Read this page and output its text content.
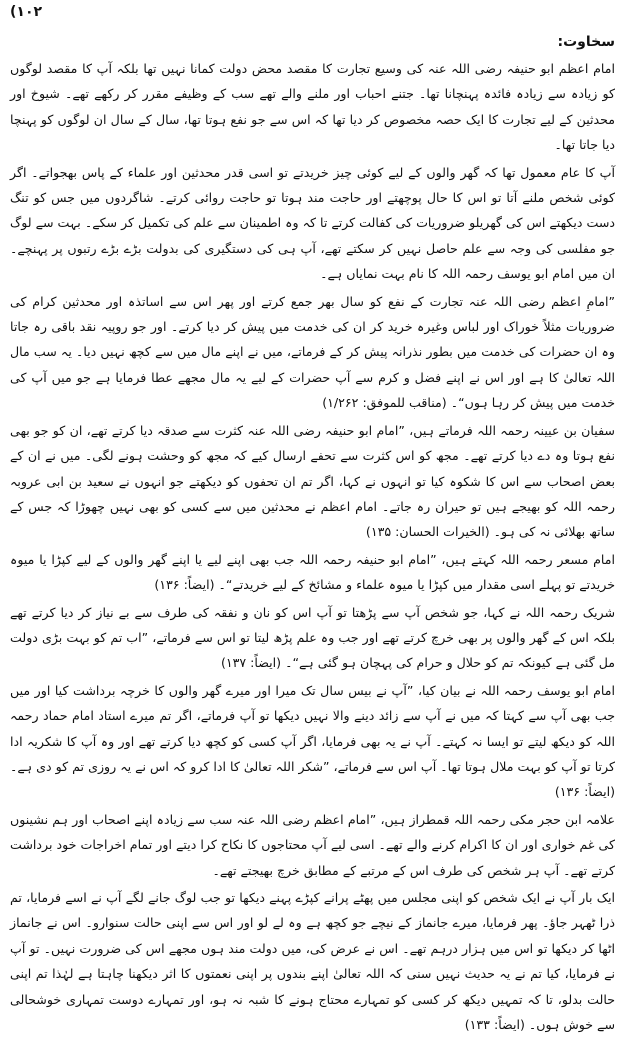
(۱۰۲

سخاوت:

امام اعظم ابو حنیفہ رضی اللہ عنہ کی وسیع تجارت کا مقصد محض دولت کمانا نہیں تھا بلکہ آپ کا مقصد لوگوں کو زیادہ سے زیادہ فائدہ پہنچانا تھا۔ جتنے احباب اور ملنے والے تھے سب کے وظیفے مقرر کر رکھے تھے۔ شیوخ اور محدثین کے لیے تجارت کا ایک حصہ مخصوص کر دیا تھا کہ اس سے جو نفع ہوتا تھا، سال کے سال ان لوگوں کو پہنچا دیا جاتا تھا۔

آپ کا عام معمول تھا کہ گھر والوں کے لیے کوئی چیز خریدتے تو اسی قدر محدثین اور علماء کے پاس بھجواتے۔ اگر کوئی شخص ملنے آتا تو اس کا حال پوچھتے اور حاجت مند ہوتا تو حاجت روائی کرتے۔ شاگردوں میں جس کو تنگ دست دیکھتے اس کی گھریلو ضروریات کی کفالت کرتے تا کہ وہ اطمینان سے علم کی تکمیل کر سکے۔ بہت سے لوگ جو مفلسی کی وجہ سے علم حاصل نہیں کر سکتے تھے، آپ ہی کی دستگیری کی بدولت بڑے بڑے رتبوں پر پہنچے۔ ان میں امام ابو یوسف رحمہ اللہ کا نام بہت نمایاں ہے۔

”امامِ اعظم رضی اللہ عنہ تجارت کے نفع کو سال بھر جمع کرتے اور پھر اس سے اساتذہ اور محدثین کرام کی ضروریات مثلاً خوراک اور لباس وغیرہ خرید کر ان کی خدمت میں پیش کر دیا کرتے۔ اور جو روپیہ نقد باقی رہ جاتا وہ ان حضرات کی خدمت میں بطور نذرانہ پیش کر کے فرماتے، میں نے اپنے مال میں سے کچھ نہیں دیا۔ یہ سب مال اللہ تعالیٰ کا ہے اور اس نے اپنے فضل و کرم سے آپ حضرات کے لیے یہ مال مجھے عطا فرمایا ہے جو میں آپ کی خدمت میں پیش کر رہا ہوں“۔ (مناقب للموفق: ۱/۲۶۲)

سفیان بن عیینہ رحمہ اللہ فرماتے ہیں، ”امام ابو حنیفہ رضی اللہ عنہ کثرت سے صدقہ دیا کرتے تھے، ان کو جو بھی نفع ہوتا وہ دے دیا کرتے تھے۔ مجھ کو اس کثرت سے تحفے ارسال کیے کہ مجھ کو وحشت ہونے لگی۔ میں نے ان کے بعض اصحاب سے اس کا شکوہ کیا تو انہوں نے کہا، اگر تم ان تحفوں کو دیکھتے جو انہوں نے سعید بن ابی عروبہ رحمہ اللہ کو بھیجے ہیں تو حیران رہ جاتے۔ امام اعظم نے محدثین میں سے کسی کو بھی نہیں چھوڑا کہ جس کے ساتھ بھلائی نہ کی ہو۔ (الخیرات الحسان: ۱۳۵)

امام مسعر رحمہ اللہ کہتے ہیں، ”امام ابو حنیفہ رحمہ اللہ جب بھی اپنے لیے یا اپنے گھر والوں کے لیے کپڑا یا میوہ خریدتے تو پہلے اسی مقدار میں کپڑا یا میوہ علماء و مشائخ کے لیے خریدتے“۔ (ایضاً: ۱۳۶)

شریک رحمہ اللہ نے کہا، جو شخص آپ سے پڑھتا تو آپ اس کو نان و نفقہ کی طرف سے بے نیاز کر دیا کرتے تھے بلکہ اس کے گھر والوں پر بھی خرچ کرتے تھے اور جب وہ علم پڑھ لیتا تو اس سے فرماتے، ”اب تم کو بہت بڑی دولت مل گئی ہے کیونکہ تم کو حلال و حرام کی پہچان ہو گئی ہے“۔ (ایضاً: ۱۳۷)

امام ابو یوسف رحمہ اللہ نے بیان کیا، ”آپ نے بیس سال تک میرا اور میرے گھر والوں کا خرچہ برداشت کیا اور میں جب بھی آپ سے کہتا کہ میں نے آپ سے زائد دینے والا نہیں دیکھا تو آپ فرماتے، اگر تم میرے استاد امام حماد رحمہ اللہ کو دیکھ لیتے تو ایسا نہ کہتے۔ آپ نے یہ بھی فرمایا، اگر آپ کسی کو کچھ دیا کرتے تھے اور وہ آپ کا شکریہ ادا کرتا تو آپ کو بہت ملال ہوتا تھا۔ آپ اس سے فرماتے، ”شکر اللہ تعالیٰ کا ادا کرو کہ اس نے یہ روزی تم کو دی ہے۔ (ایضاً: ۱۳۶)

علامہ ابن حجر مکی رحمہ اللہ قمطراز ہیں، ”امام اعظم رضی اللہ عنہ سب سے زیادہ اپنے اصحاب اور ہم نشینوں کی غم خواری اور ان کا اکرام کرنے والے تھے۔ اسی لیے آپ محتاجوں کا نکاح کرا دیتے اور تمام اخراجات خود برداشت کرتے تھے۔ آپ ہر شخص کی طرف اس کے مرتبے کے مطابق خرچ بھیجتے تھے۔

ایک بار آپ نے ایک شخص کو اپنی مجلس میں پھٹے پرانے کپڑے پہنے دیکھا تو جب لوگ جانے لگے آپ نے اسے فرمایا، تم ذرا ٹھہر جاؤ۔ پھر فرمایا، میرے جانماز کے نیچے جو کچھ ہے وہ لے لو اور اس سے اپنی حالت سنوارو۔ اس نے جانماز اٹھا کر دیکھا تو اس میں ہزار درہم تھے۔ اس نے عرض کی، میں دولت مند ہوں مجھے اس کی ضرورت نہیں۔ تو آپ نے فرمایا، کیا تم نے یہ حدیث نہیں سنی کہ اللہ تعالیٰ اپنے بندوں پر اپنی نعمتوں کا اثر دیکھنا چاہتا ہے لہٰذا تم اپنی حالت بدلو، تا کہ تمہیں دیکھ کر کسی کو تمہارے محتاج ہونے کا شبہ نہ ہو، اور تمہارے دوست تمہاری خوشحالی سے خوش ہوں۔ (ایضاً: ۱۳۳)
